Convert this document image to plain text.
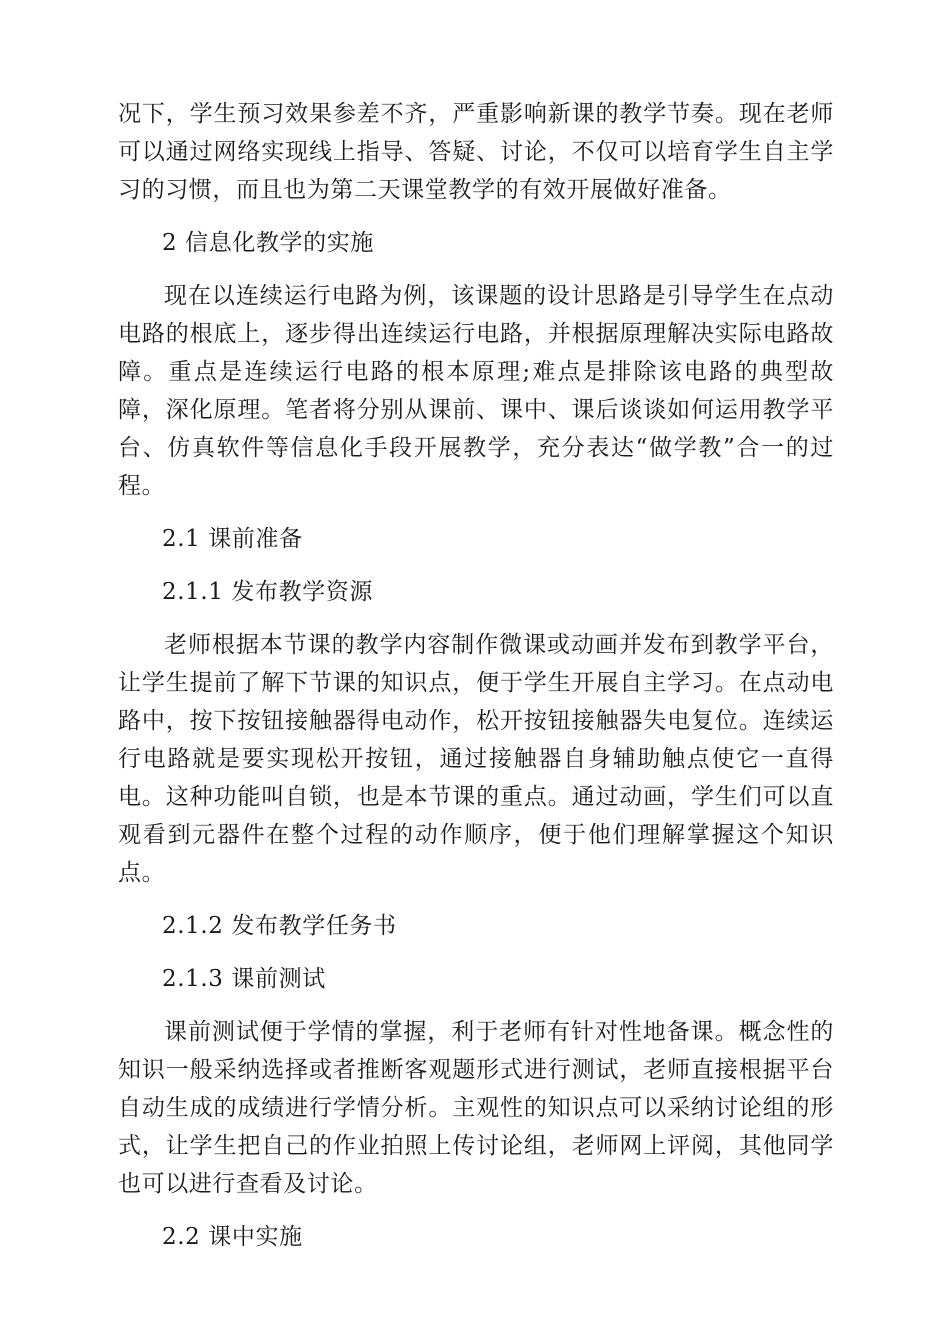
况下，学生预习效果参差不齐，严重影响新课的教学节奏。现在老师可以通过网络实现线上指导、答疑、讨论，不仅可以培育学生自主学习的习惯，而且也为第二天课堂教学的有效开展做好准备。

2 信息化教学的实施

现在以连续运行电路为例，该课题的设计思路是引导学生在点动电路的根底上，逐步得出连续运行电路，并根据原理解决实际电路故障。重点是连续运行电路的根本原理;难点是排除该电路的典型故障，深化原理。笔者将分别从课前、课中、课后谈谈如何运用教学平台、仿真软件等信息化手段开展教学，充分表达“做学教”合一的过程。

2.1 课前准备

2.1.1 发布教学资源

老师根据本节课的教学内容制作微课或动画并发布到教学平台，让学生提前了解下节课的知识点，便于学生开展自主学习。在点动电路中，按下按钮接触器得电动作，松开按钮接触器失电复位。连续运行电路就是要实现松开按钮，通过接触器自身辅助触点使它一直得电。这种功能叫自锁，也是本节课的重点。通过动画，学生们可以直观看到元器件在整个过程的动作顺序，便于他们理解掌握这个知识点。

2.1.2 发布教学任务书

2.1.3 课前测试

课前测试便于学情的掌握，利于老师有针对性地备课。概念性的知识一般采纳选择或者推断客观题形式进行测试，老师直接根据平台自动生成的成绩进行学情分析。主观性的知识点可以采纳讨论组的形式，让学生把自己的作业拍照上传讨论组，老师网上评阅，其他同学也可以进行查看及讨论。

2.2 课中实施
